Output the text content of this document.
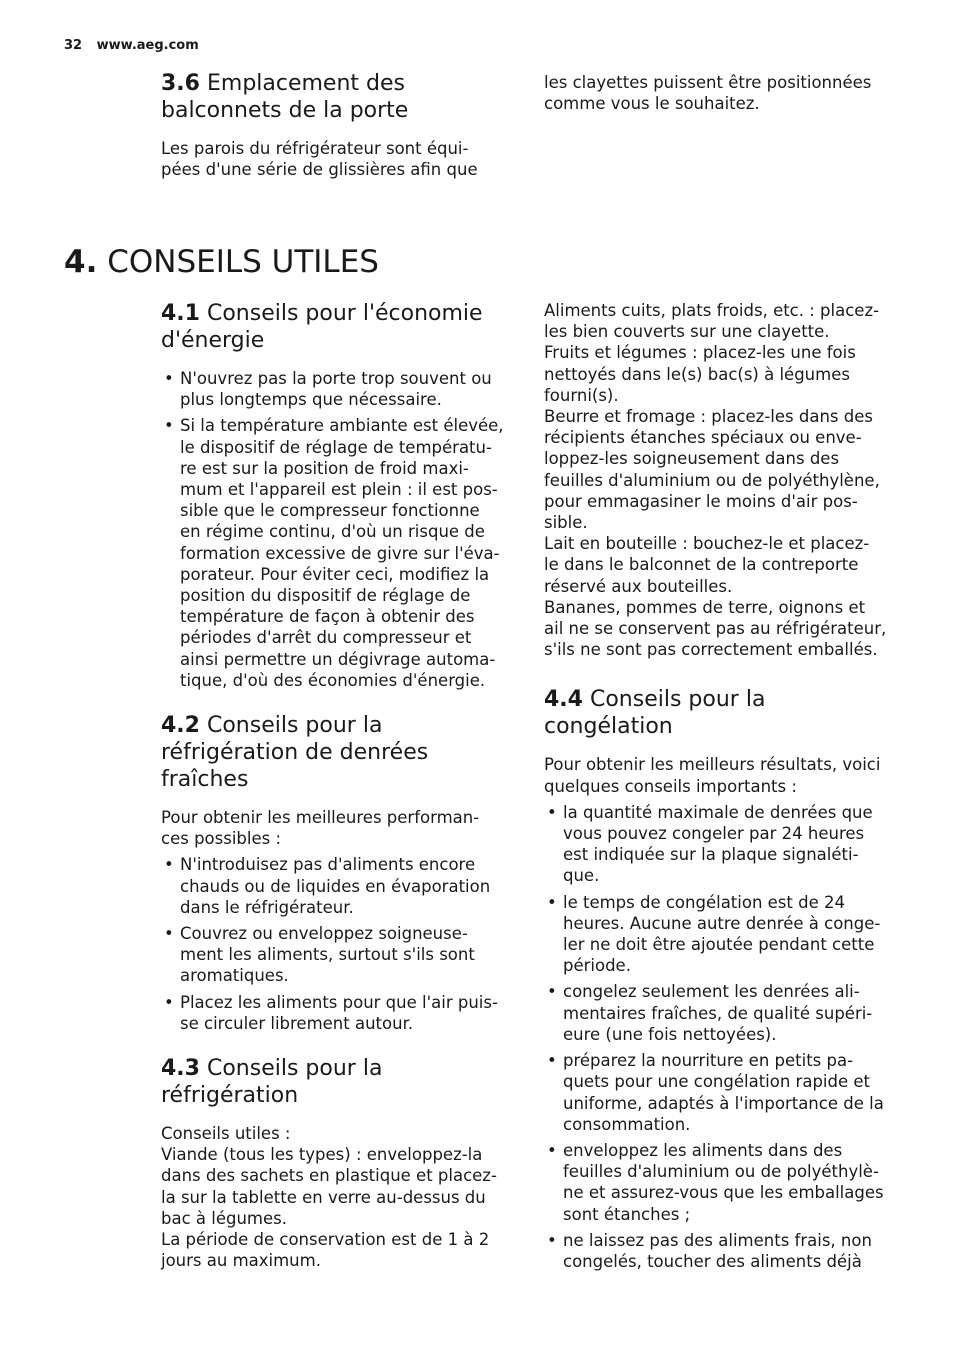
32 www.aeg.com
3.6 Emplacement des balconnets de la porte

Les parois du réfrigérateur sont équi-
pées d'une série de glissières afin que

les clayettes puissent être positionnées
comme vous le souhaitez.

4. CONSEILS UTILES
4.1 Conseils pour l'économie d'énergie
• N'ouvrez pas la porte trop souvent ou
plus longtemps que nécessaire.
• Si la température ambiante est élevée,
le dispositif de réglage de températu-
re est sur la position de froid maxi-
mum et l'appareil est plein : il est pos-
sible que le compresseur fonctionne
en régime continu, d'où un risque de
formation excessive de givre sur l'éva-
porateur. Pour éviter ceci, modifiez la
position du dispositif de réglage de
température de façon à obtenir des
périodes d'arrêt du compresseur et
ainsi permettre un dégivrage automa-
tique, d'où des économies d'énergie.
4.2 Conseils pour la réfrigération de denrées fraîches

Pour obtenir les meilleures performan-
ces possibles :

• N'introduisez pas d'aliments encore
chauds ou de liquides en évaporation
dans le réfrigérateur.
• Couvrez ou enveloppez soigneuse-
ment les aliments, surtout s'ils sont
aromatiques.
• Placez les aliments pour que l'air puis-
se circuler librement autour.
4.3 Conseils pour la réfrigération

Conseils utiles :
Viande (tous les types) : enveloppez-la
dans des sachets en plastique et placez-
la sur la tablette en verre au-dessus du
bac à légumes.
La période de conservation est de 1 à 2
jours au maximum.

Aliments cuits, plats froids, etc. : placez-
les bien couverts sur une clayette.
Fruits et légumes : placez-les une fois
nettoyés dans le(s) bac(s) à légumes
fourni(s).
Beurre et fromage : placez-les dans des
récipients étanches spéciaux ou enve-
loppez-les soigneusement dans des
feuilles d'aluminium ou de polyéthylène,
pour emmagasiner le moins d'air pos-
sible.
Lait en bouteille : bouchez-le et placez-
le dans le balconnet de la contreporte
réservé aux bouteilles.
Bananes, pommes de terre, oignons et
ail ne se conservent pas au réfrigérateur,
s'ils ne sont pas correctement emballés.

4.4 Conseils pour la congélation

Pour obtenir les meilleurs résultats, voici
quelques conseils importants :

• la quantité maximale de denrées que
vous pouvez congeler par 24 heures
est indiquée sur la plaque signaléti-
que.
• le temps de congélation est de 24
heures. Aucune autre denrée à conge-
ler ne doit être ajoutée pendant cette
période.
• congelez seulement les denrées ali-
mentaires fraîches, de qualité supéri-
eure (une fois nettoyées).
• préparez la nourriture en petits pa-
quets pour une congélation rapide et
uniforme, adaptés à l'importance de la
consommation.
• enveloppez les aliments dans des
feuilles d'aluminium ou de polyéthylè-
ne et assurez-vous que les emballages
sont étanches ;
• ne laissez pas des aliments frais, non
congelés, toucher des aliments déjà
